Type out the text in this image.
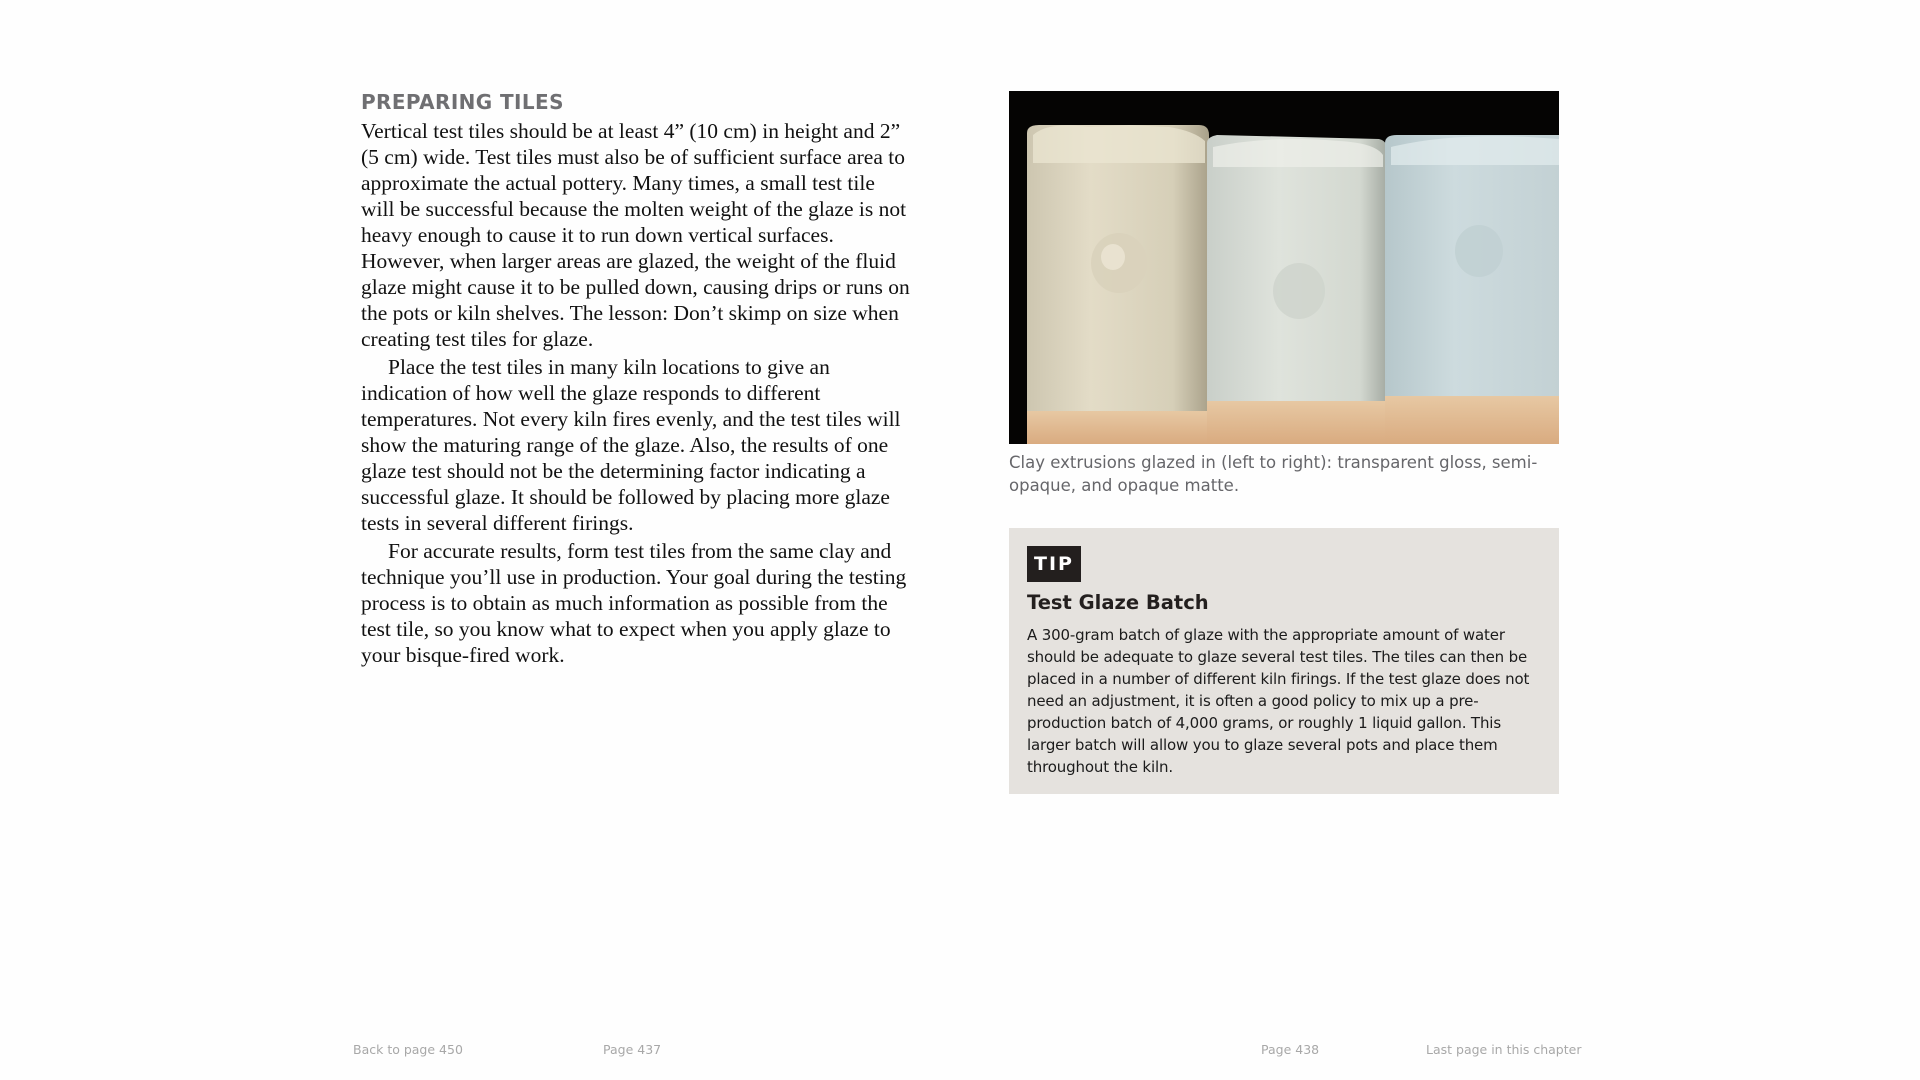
PREPARING TILES

Vertical test tiles should be at least 4” (10 cm) in height and 2” (5 cm) wide. Test tiles must also be of sufficient surface area to approximate the actual pottery. Many times, a small test tile will be successful because the molten weight of the glaze is not heavy enough to cause it to run down vertical surfaces. However, when larger areas are glazed, the weight of the fluid glaze might cause it to be pulled down, causing drips or runs on the pots or kiln shelves. The lesson: Don’t skimp on size when creating test tiles for glaze.

Place the test tiles in many kiln locations to give an indication of how well the glaze responds to different temperatures. Not every kiln fires evenly, and the test tiles will show the maturing range of the glaze. Also, the results of one glaze test should not be the determining factor indicating a successful glaze. It should be followed by placing more glaze tests in several different firings.

For accurate results, form test tiles from the same clay and technique you’ll use in production. Your goal during the testing process is to obtain as much information as possible from the test tile, so you know what to expect when you apply glaze to your bisque-fired work.

Clay extrusions glazed in (left to right): transparent gloss, semi-opaque, and opaque matte.

TIP
Test Glaze Batch

A 300-gram batch of glaze with the appropriate amount of water should be adequate to glaze several test tiles. The tiles can then be placed in a number of different kiln firings. If the test glaze does not need an adjustment, it is often a good policy to mix up a pre-production batch of 4,000 grams, or roughly 1 liquid gallon. This larger batch will allow you to glaze several pots and place them throughout the kiln.

Back to page 450	Page 437	Page 438	Last page in this chapter
